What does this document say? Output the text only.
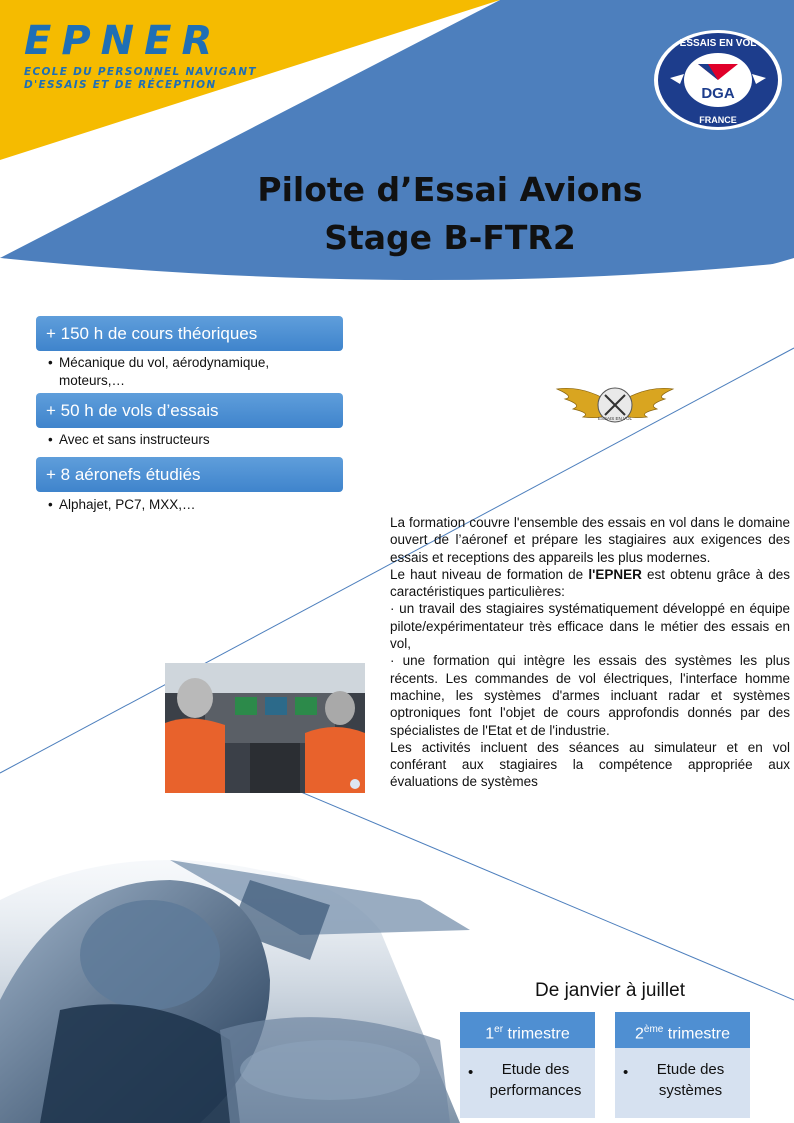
EPNER
ECOLE DU PERSONNEL NAVIGANT
D'ESSAIS ET DE RÉCEPTION	DGA
ESSAIS EN VOL
FRANCE
Pilote d’Essai Avions
Stage B-FTR2
+ 150 h de cours théoriques
• Mécanique du vol, aérodynamique, moteurs,…
+ 50 h de vols d’essais
• Avec et sans instructeurs
+ 8 aéronefs étudiés
• Alphajet, PC7, MXX,…
ESSAIS EN VOL

La formation couvre l'ensemble des essais en vol dans le domaine ouvert de l’aéronef et prépare les stagiaires aux exigences des essais et receptions des appareils les plus modernes.

Le haut niveau de formation de l'EPNER est obtenu grâce à des caractéristiques particulières:

· un travail des stagiaires systématiquement développé en équipe pilote/expérimentateur très efficace dans le métier des essais en vol,

· une formation qui intègre les essais des systèmes les plus récents. Les commandes de vol électriques, l'interface homme machine, les systèmes d'armes incluant radar et systèmes optroniques font l'objet de cours approfondis donnés par des spécialistes de l'Etat et de l'industrie.

Les activités incluent des séances au simulateur et en vol conférant aux stagiaires la compétence appropriée aux évaluations de systèmes

De janvier à juillet
1er trimestre
•	Etude des performances
2ème trimestre
•	Etude des systèmes
